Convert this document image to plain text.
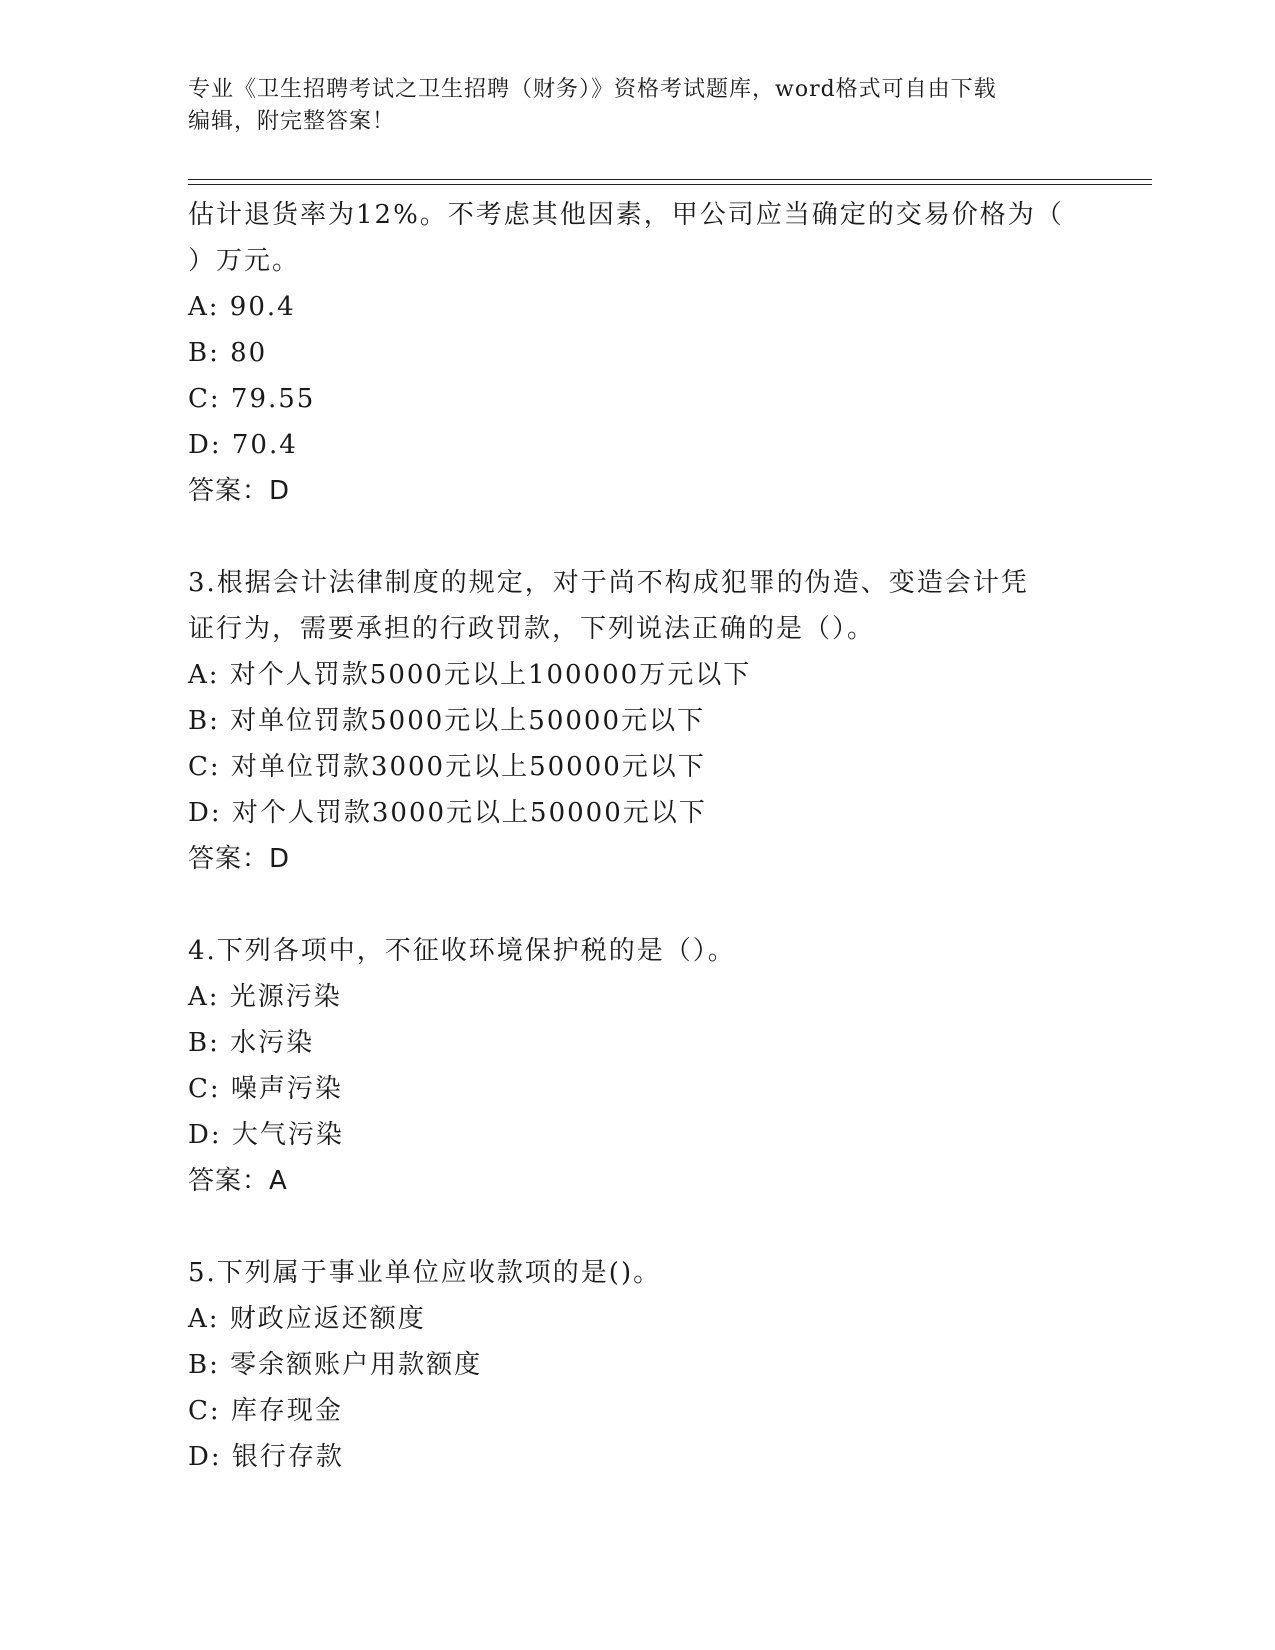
专业《卫生招聘考试之卫生招聘（财务）》资格考试题库，word格式可自由下载
编辑，附完整答案！
估计退货率为12%。不考虑其他因素，甲公司应当确定的交易价格为（
）万元。
A: 90.4
B: 80
C: 79.55
D: 70.4
答案：D
3.根据会计法律制度的规定，对于尚不构成犯罪的伪造、变造会计凭
证行为，需要承担的行政罚款，下列说法正确的是（）。
A: 对个人罚款5000元以上100000万元以下
B: 对单位罚款5000元以上50000元以下
C: 对单位罚款3000元以上50000元以下
D: 对个人罚款3000元以上50000元以下
答案：D
4.下列各项中，不征收环境保护税的是（）。
A: 光源污染
B: 水污染
C: 噪声污染
D: 大气污染
答案：A
5.下列属于事业单位应收款项的是()。
A: 财政应返还额度
B: 零余额账户用款额度
C: 库存现金
D: 银行存款
